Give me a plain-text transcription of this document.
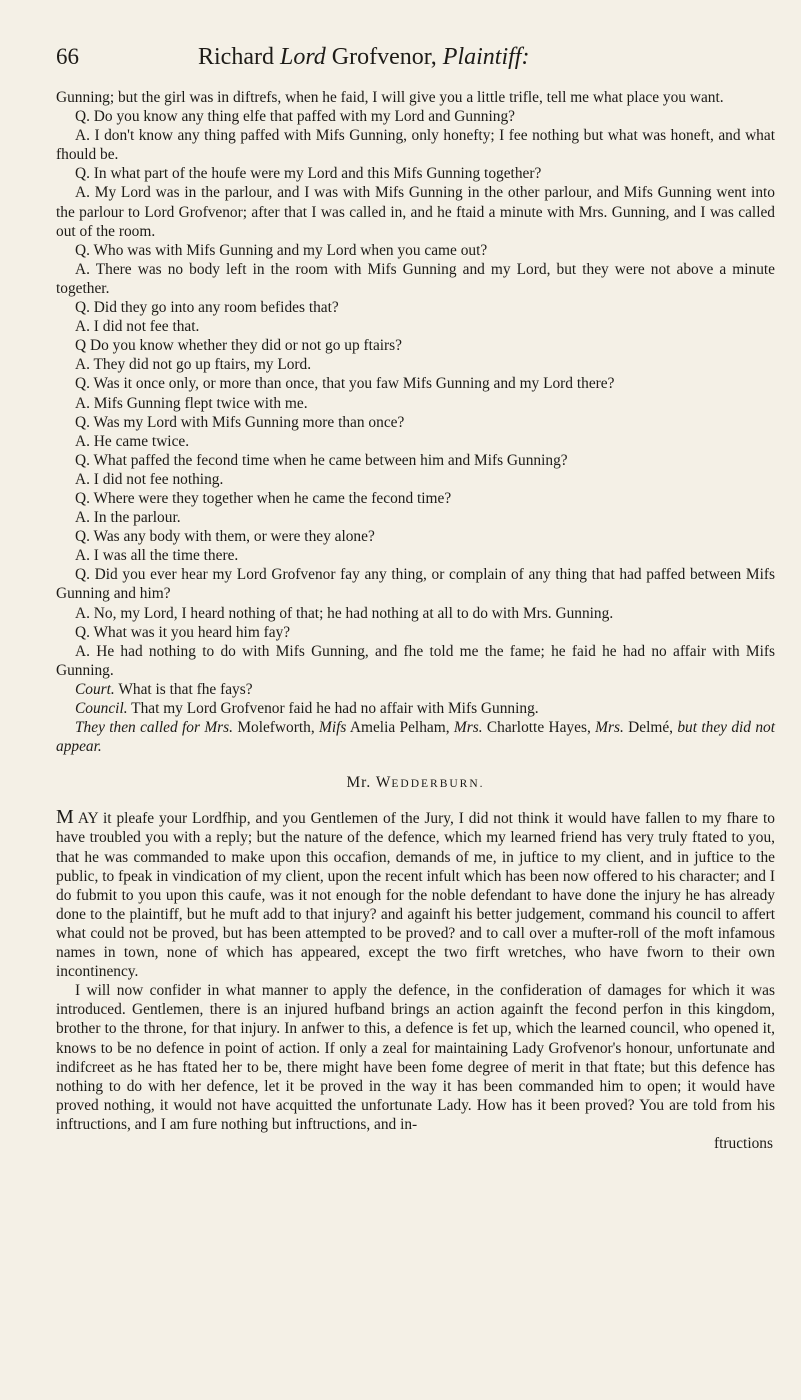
66	Richard Lord Grofvenor, Plaintiff:

Gunning; but the girl was in diftrefs, when he faid, I will give you a little trifle, tell me what place you want.

Q. Do you know any thing elfe that paffed with my Lord and Gunning?

A. I don't know any thing paffed with Mifs Gunning, only honefty; I fee nothing but what was honeft, and what fhould be.

Q. In what part of the houfe were my Lord and this Mifs Gunning together?

A. My Lord was in the parlour, and I was with Mifs Gunning in the other parlour, and Mifs Gunning went into the parlour to Lord Grofvenor; after that I was called in, and he ftaid a minute with Mrs. Gunning, and I was called out of the room.

Q. Who was with Mifs Gunning and my Lord when you came out?

A. There was no body left in the room with Mifs Gunning and my Lord, but they were not above a minute together.

Q. Did they go into any room befides that?

A. I did not fee that.

Q Do you know whether they did or not go up ftairs?

A. They did not go up ftairs, my Lord.

Q. Was it once only, or more than once, that you faw Mifs Gunning and my Lord there?

A. Mifs Gunning flept twice with me.

Q. Was my Lord with Mifs Gunning more than once?

A. He came twice.

Q. What paffed the fecond time when he came between him and Mifs Gunning?

A. I did not fee nothing.

Q. Where were they together when he came the fecond time?

A. In the parlour.

Q. Was any body with them, or were they alone?

A. I was all the time there.

Q. Did you ever hear my Lord Grofvenor fay any thing, or complain of any thing that had paffed between Mifs Gunning and him?

A. No, my Lord, I heard nothing of that; he had nothing at all to do with Mrs. Gunning.

Q. What was it you heard him fay?

A. He had nothing to do with Mifs Gunning, and fhe told me the fame; he faid he had no affair with Mifs Gunning.

Court. What is that fhe fays?

Council. That my Lord Grofvenor faid he had no affair with Mifs Gunning.

They then called for Mrs. Molefworth, Mifs Amelia Pelham, Mrs. Charlotte Hayes, Mrs. Delmé, but they did not appear.

Mr. WEDDERBURN.

M AY it pleafe your Lordfhip, and you Gentlemen of the Jury, I did not think it would have fallen to my fhare to have troubled you with a reply; but the nature of the defence, which my learned friend has very truly ftated to you, that he was commanded to make upon this occafion, demands of me, in juftice to my client, and in juftice to the public, to fpeak in vindication of my client, upon the recent infult which has been now offered to his character; and I do fubmit to you upon this caufe, was it not enough for the noble defendant to have done the injury he has already done to the plaintiff, but he muft add to that injury? and againft his better judgement, command his council to affert what could not be proved, but has been attempted to be proved? and to call over a mufter-roll of the moft infamous names in town, none of which has appeared, except the two firft wretches, who have fworn to their own incontinency.

I will now confider in what manner to apply the defence, in the confideration of damages for which it was introduced. Gentlemen, there is an injured hufband brings an action againft the fecond perfon in this kingdom, brother to the throne, for that injury. In anfwer to this, a defence is fet up, which the learned council, who opened it, knows to be no defence in point of action. If only a zeal for maintaining Lady Grofvenor's honour, unfortunate and indifcreet as he has ftated her to be, there might have been fome degree of merit in that ftate; but this defence has nothing to do with her defence, let it be proved in the way it has been commanded him to open; it would have proved nothing, it would not have acquitted the unfortunate Lady. How has it been proved? You are told from his inftructions, and I am fure nothing but inftructions, and in-

ftructions
